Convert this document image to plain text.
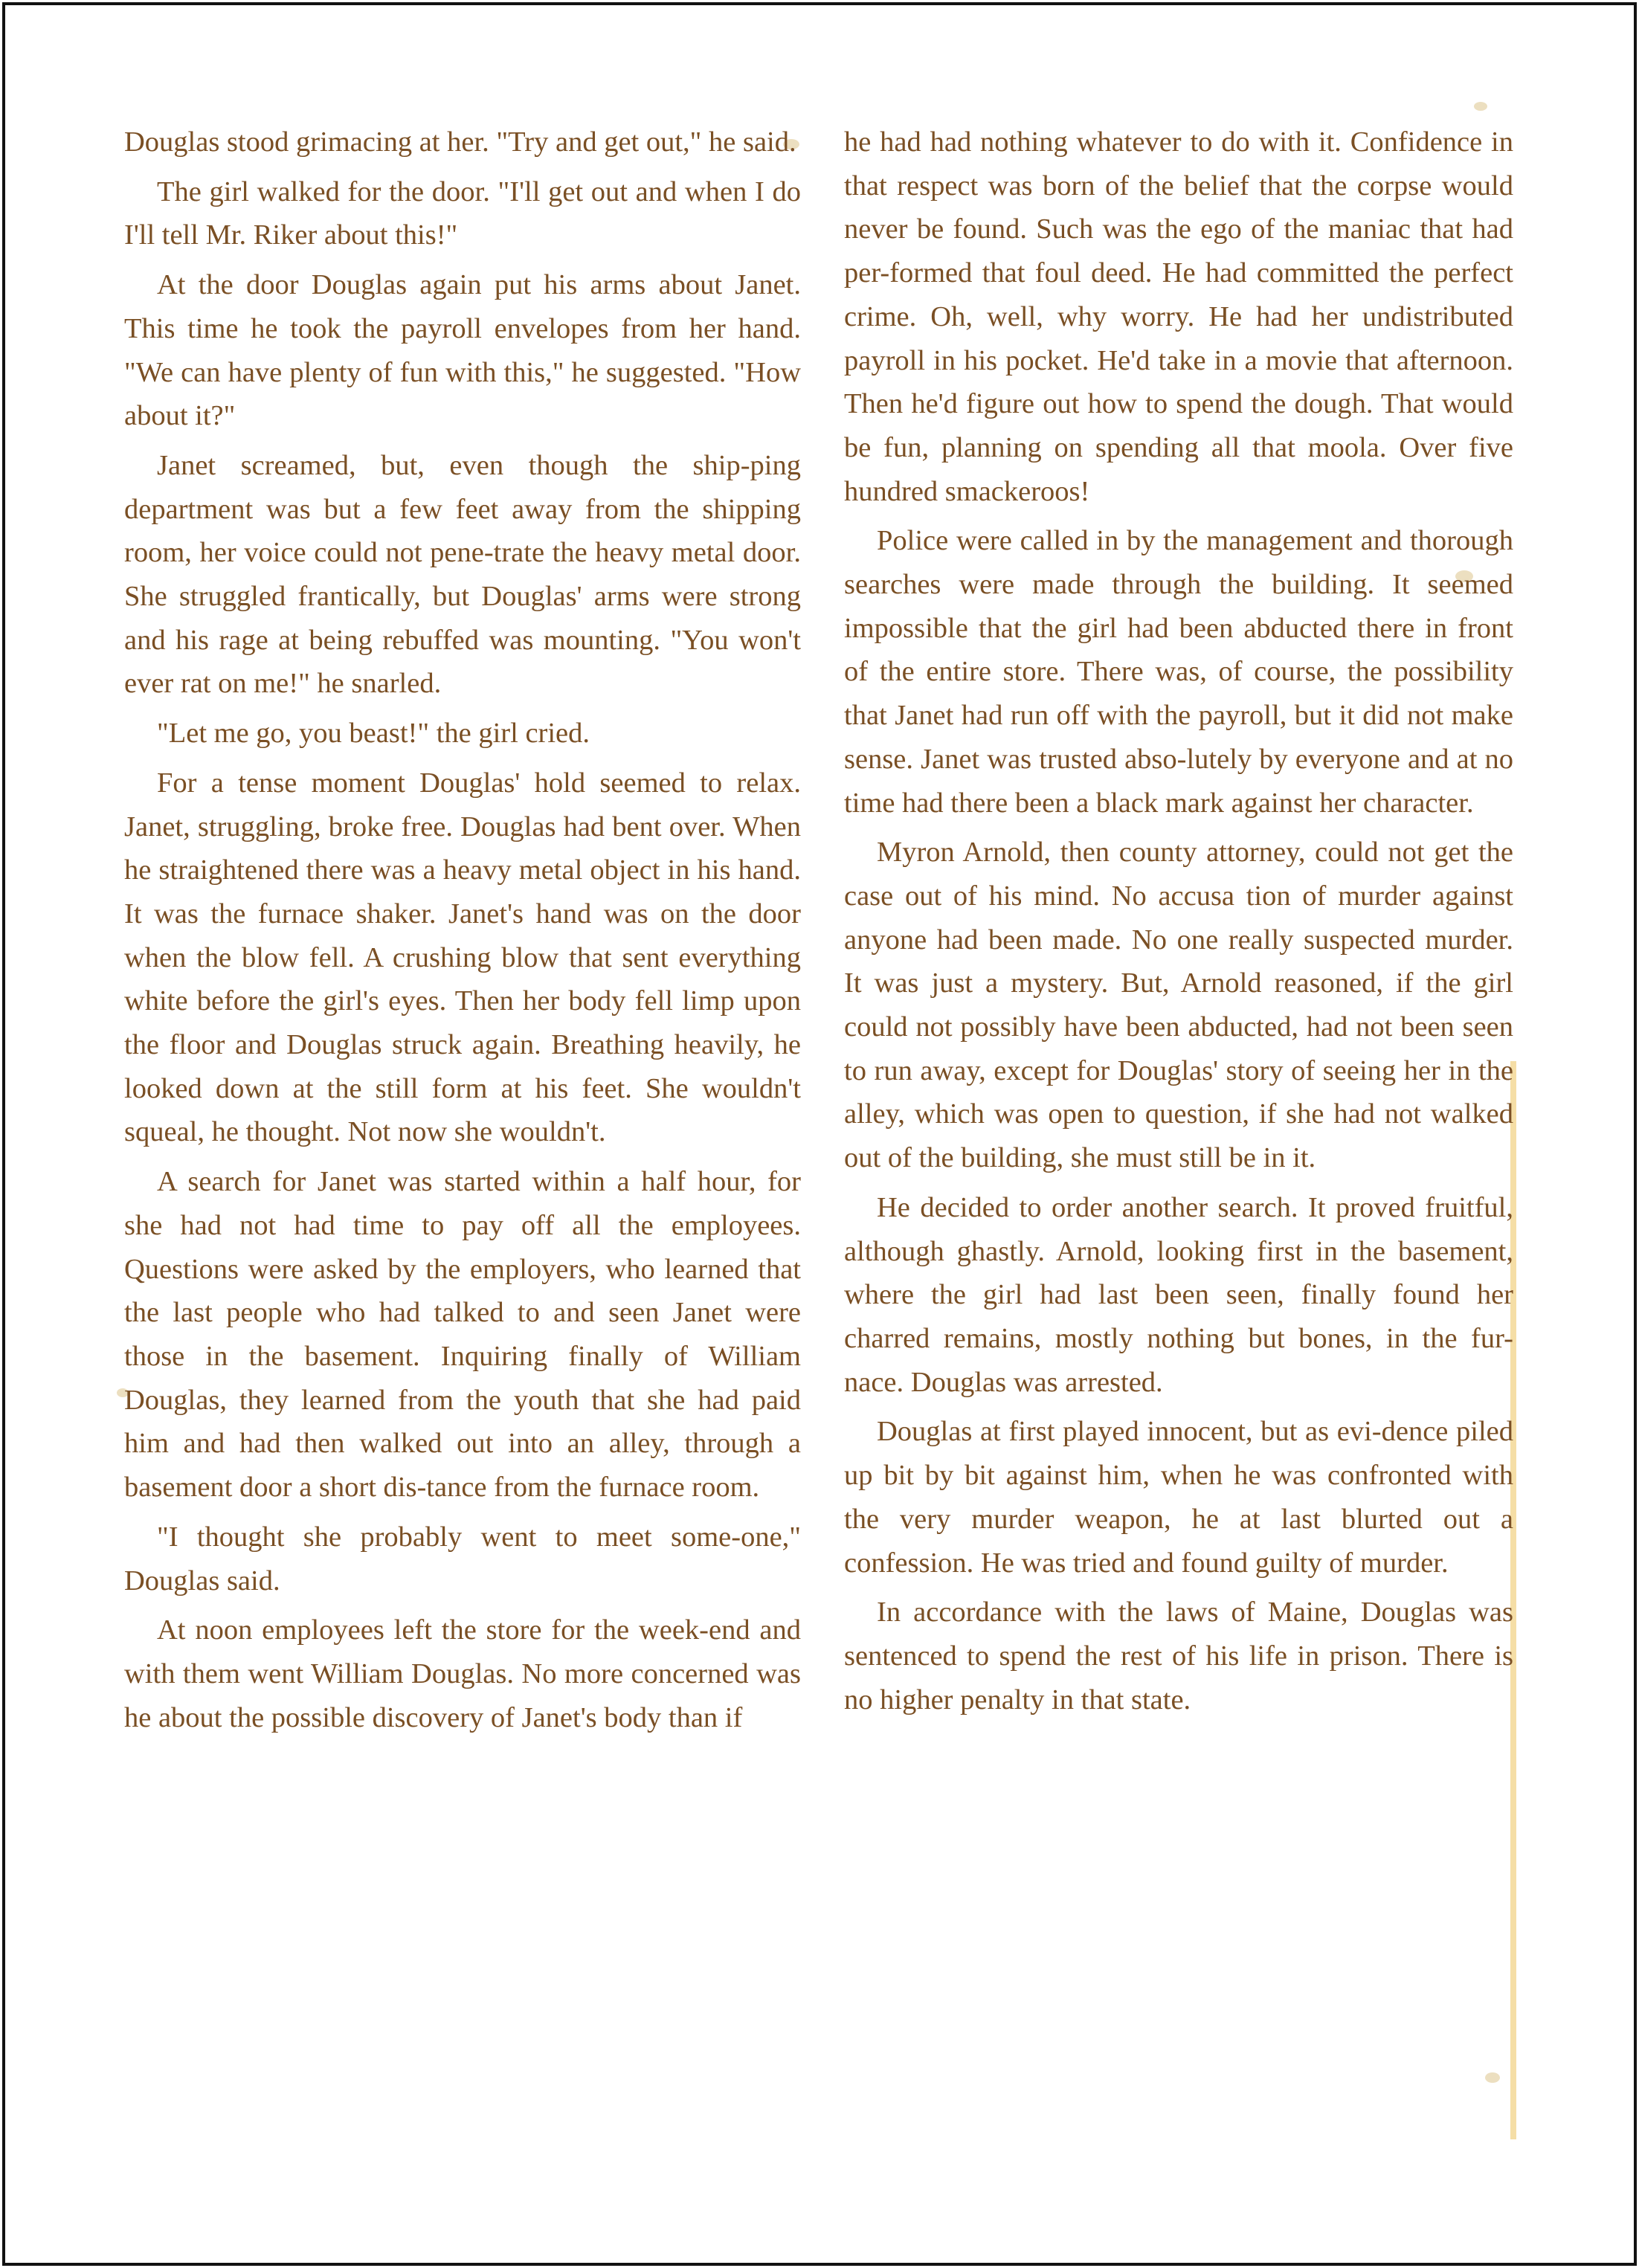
Douglas stood grimacing at her. "Try and get out," he said.

The girl walked for the door. "I'll get out and when I do I'll tell Mr. Riker about this!"

At the door Douglas again put his arms about Janet. This time he took the payroll envelopes from her hand. "We can have plenty of fun with this," he suggested. "How about it?"

Janet screamed, but, even though the ship-ping department was but a few feet away from the shipping room, her voice could not pene-trate the heavy metal door. She struggled frantically, but Douglas' arms were strong and his rage at being rebuffed was mounting. "You won't ever rat on me!" he snarled.

"Let me go, you beast!" the girl cried.

For a tense moment Douglas' hold seemed to relax. Janet, struggling, broke free. Douglas had bent over. When he straightened there was a heavy metal object in his hand. It was the furnace shaker. Janet's hand was on the door when the blow fell. A crushing blow that sent everything white before the girl's eyes. Then her body fell limp upon the floor and Douglas struck again. Breathing heavily, he looked down at the still form at his feet. She wouldn't squeal, he thought. Not now she wouldn't.

A search for Janet was started within a half hour, for she had not had time to pay off all the employees. Questions were asked by the employers, who learned that the last people who had talked to and seen Janet were those in the basement. Inquiring finally of William Douglas, they learned from the youth that she had paid him and had then walked out into an alley, through a basement door a short dis-tance from the furnace room.

"I thought she probably went to meet some-one," Douglas said.

At noon employees left the store for the week-end and with them went William Douglas. No more concerned was he about the possible discovery of Janet's body than if

he had had nothing whatever to do with it. Confidence in that respect was born of the belief that the corpse would never be found. Such was the ego of the maniac that had per-formed that foul deed. He had committed the perfect crime. Oh, well, why worry. He had her undistributed payroll in his pocket. He'd take in a movie that afternoon. Then he'd figure out how to spend the dough. That would be fun, planning on spending all that moola. Over five hundred smackeroos!

Police were called in by the management and thorough searches were made through the building. It seemed impossible that the girl had been abducted there in front of the entire store. There was, of course, the possibility that Janet had run off with the payroll, but it did not make sense. Janet was trusted abso-lutely by everyone and at no time had there been a black mark against her character.

Myron Arnold, then county attorney, could not get the case out of his mind. No accusa tion of murder against anyone had been made. No one really suspected murder. It was just a mystery. But, Arnold reasoned, if the girl could not possibly have been abducted, had not been seen to run away, except for Douglas' story of seeing her in the alley, which was open to question, if she had not walked out of the building, she must still be in it.

He decided to order another search. It proved fruitful, although ghastly. Arnold, looking first in the basement, where the girl had last been seen, finally found her charred remains, mostly nothing but bones, in the fur-nace. Douglas was arrested.

Douglas at first played innocent, but as evi-dence piled up bit by bit against him, when he was confronted with the very murder weapon, he at last blurted out a confession. He was tried and found guilty of murder.

In accordance with the laws of Maine, Douglas was sentenced to spend the rest of his life in prison. There is no higher penalty in that state.
